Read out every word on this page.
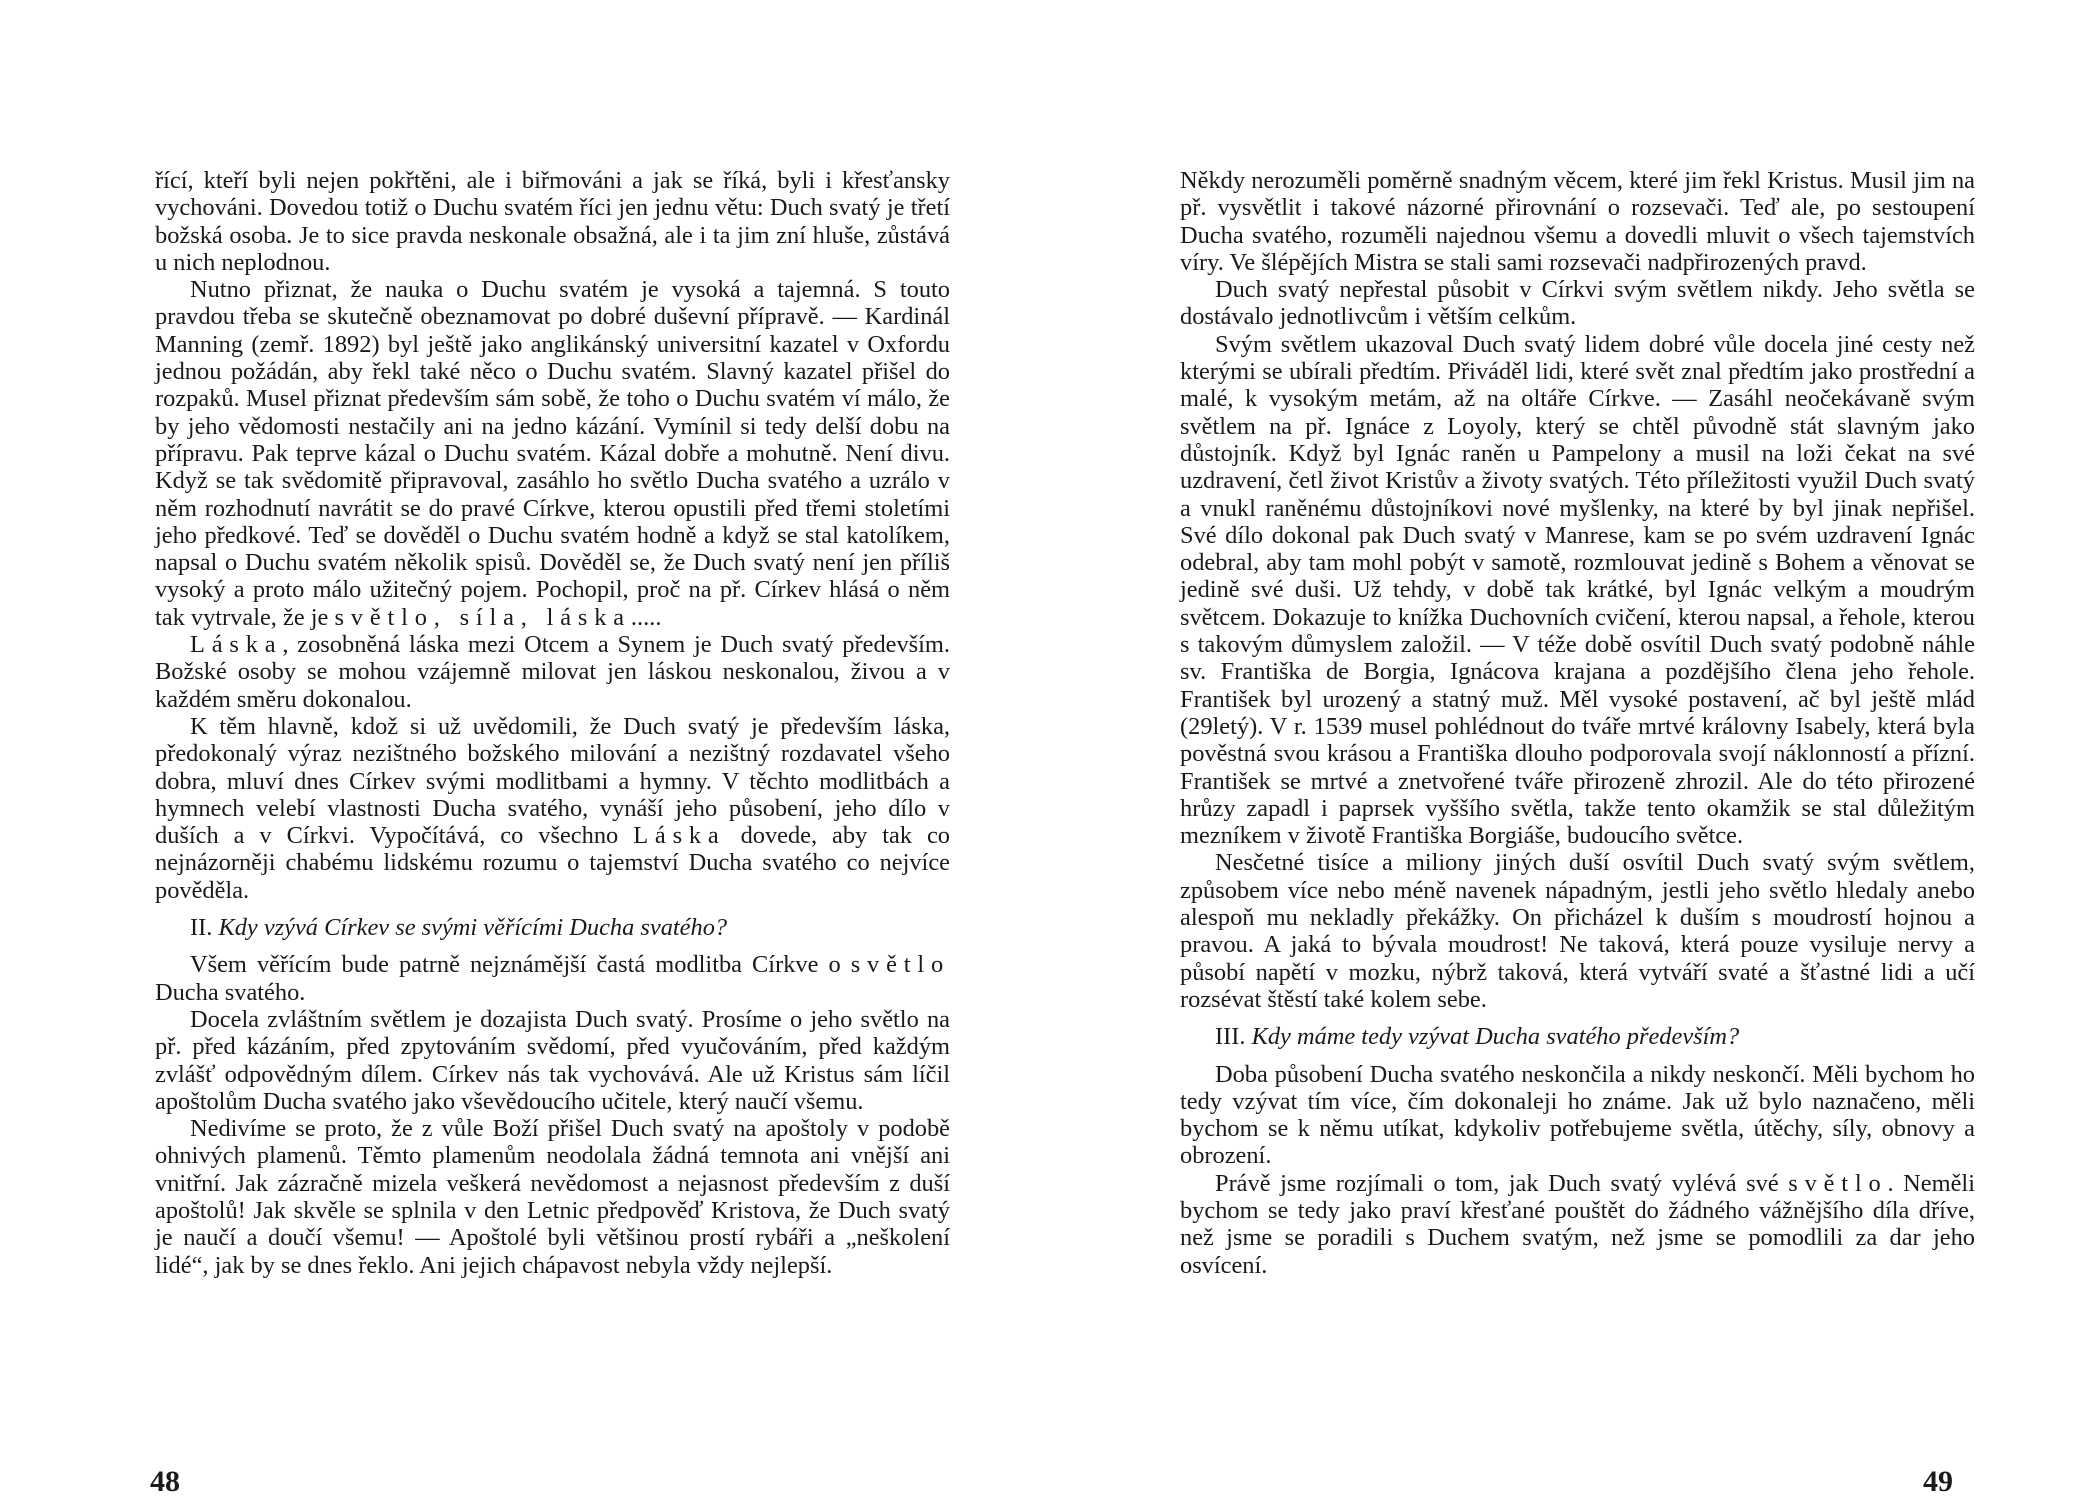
řící, kteří byli nejen pokřtěni, ale i biřmováni a jak se říká, byli i křesťansky vychováni. Dovedou totiž o Duchu svatém říci jen jednu větu: Duch svatý je třetí božská osoba. Je to sice pravda neskonale obsažná, ale i ta jim zní hluše, zůstává u nich neplodnou.

Nutno přiznat, že nauka o Duchu svatém je vysoká a tajemná. S touto pravdou třeba se skutečně obeznamovat po dobré duševní přípravě. — Kardinál Manning (zemř. 1892) byl ještě jako anglikánský universitní kazatel v Oxfordu jednou požádán, aby řekl také něco o Duchu svatém. Slavný kazatel přišel do rozpaků. Musel přiznat především sám sobě, že toho o Duchu svatém ví málo, že by jeho vědomosti nestačily ani na jedno kázání. Vymínil si tedy delší dobu na přípravu. Pak teprve kázal o Duchu svatém. Kázal dobře a mohutně. Není divu. Když se tak svědomitě připravoval, zasáhlo ho světlo Ducha svatého a uzrálo v něm rozhodnutí navrátit se do pravé Církve, kterou opustili před třemi stoletími jeho předkové. Teď se dověděl o Duchu svatém hodně a když se stal katolíkem, napsal o Duchu svatém několik spisů. Dověděl se, že Duch svatý není jen příliš vysoký a proto málo užitečný pojem. Pochopil, proč na př. Církev hlásá o něm tak vytrvale, že je světlo, síla, láska.....

Láska, zosobněná láska mezi Otcem a Synem je Duch svatý především. Božské osoby se mohou vzájemně milovat jen láskou neskonalou, živou a v každém směru dokonalou.

K těm hlavně, kdož si už uvědomili, že Duch svatý je především láska, předokonalý výraz nezištného božského milování a nezištný rozdavatel všeho dobra, mluví dnes Církev svými modlitbami a hymny. V těchto modlitbách a hymnech velebí vlastnosti Ducha svatého, vynáší jeho působení, jeho dílo v duších a v Církvi. Vypočítává, co všechno Láska dovede, aby tak co nejnázorněji chabému lidskému rozumu o tajemství Ducha svatého co nejvíce pověděla.

II. Kdy vzývá Církev se svými věřícími Ducha svatého?

Všem věřícím bude patrně nejznámější častá modlitba Církve o světlo Ducha svatého.

Docela zvláštním světlem je dozajista Duch svatý. Prosíme o jeho světlo na př. před kázáním, před zpytováním svědomí, před vyučováním, před každým zvlášť odpovědným dílem. Církev nás tak vychovává. Ale už Kristus sám líčil apoštolům Ducha svatého jako vševědoucího učitele, který naučí všemu.

Nedivíme se proto, že z vůle Boží přišel Duch svatý na apoštoly v podobě ohnivých plamenů. Těmto plamenům neodolala žádná temnota ani vnější ani vnitřní. Jak zázračně mizela veškerá nevědomost a nejasnost především z duší apoštolů! Jak skvěle se splnila v den Letnic předpověď Kristova, že Duch svatý je naučí a doučí všemu! — Apoštolé byli většinou prostí rybáři a „neškolení lidé“, jak by se dnes řeklo. Ani jejich chápavost nebyla vždy nejlepší.

48

Někdy nerozuměli poměrně snadným věcem, které jim řekl Kristus. Musil jim na př. vysvětlit i takové názorné přirovnání o rozsevači. Teď ale, po sestoupení Ducha svatého, rozuměli najednou všemu a dovedli mluvit o všech tajemstvích víry. Ve šlépějích Mistra se stali sami rozsevači nadpřirozených pravd.

Duch svatý nepřestal působit v Církvi svým světlem nikdy. Jeho světla se dostávalo jednotlivcům i větším celkům.

Svým světlem ukazoval Duch svatý lidem dobré vůle docela jiné cesty než kterými se ubírali předtím. Přiváděl lidi, které svět znal předtím jako prostřední a malé, k vysokým metám, až na oltáře Církve. — Zasáhl neočekávaně svým světlem na př. Ignáce z Loyoly, který se chtěl původně stát slavným jako důstojník. Když byl Ignác raněn u Pampelony a musil na loži čekat na své uzdravení, četl život Kristův a životy svatých. Této příležitosti využil Duch svatý a vnukl raněnému důstojníkovi nové myšlenky, na které by byl jinak nepřišel. Své dílo dokonal pak Duch svatý v Manrese, kam se po svém uzdravení Ignác odebral, aby tam mohl pobýt v samotě, rozmlouvat jedině s Bohem a věnovat se jedině své duši. Už tehdy, v době tak krátké, byl Ignác velkým a moudrým světcem. Dokazuje to knížka Duchovních cvičení, kterou napsal, a řehole, kterou s takovým důmyslem založil. — V téže době osvítil Duch svatý podobně náhle sv. Františka de Borgia, Ignácova krajana a pozdějšího člena jeho řehole. František byl urozený a statný muž. Měl vysoké postavení, ač byl ještě mlád (29letý). V r. 1539 musel pohlédnout do tváře mrtvé královny Isabely, která byla pověstná svou krásou a Františka dlouho podporovala svojí náklonností a přízní. František se mrtvé a znetvořené tváře přirozeně zhrozil. Ale do této přirozené hrůzy zapadl i paprsek vyššího světla, takže tento okamžik se stal důležitým mezníkem v životě Františka Borgiáše, budoucího světce.

Nesčetné tisíce a miliony jiných duší osvítil Duch svatý svým světlem, způsobem více nebo méně navenek nápadným, jestli jeho světlo hledaly anebo alespoň mu nekladly překážky. On přicházel k duším s moudrostí hojnou a pravou. A jaká to bývala moudrost! Ne taková, která pouze vysiluje nervy a působí napětí v mozku, nýbrž taková, která vytváří svaté a šťastné lidi a učí rozsévat štěstí také kolem sebe.

III. Kdy máme tedy vzývat Ducha svatého především?

Doba působení Ducha svatého neskončila a nikdy neskončí. Měli bychom ho tedy vzývat tím více, čím dokonaleji ho známe. Jak už bylo naznačeno, měli bychom se k němu utíkat, kdykoliv potřebujeme světla, útěchy, síly, obnovy a obrození.

Právě jsme rozjímali o tom, jak Duch svatý vylévá své světlo. Neměli bychom se tedy jako praví křesťané pouštět do žádného vážnějšího díla dříve, než jsme se poradili s Duchem svatým, než jsme se pomodlili za dar jeho osvícení.

49
